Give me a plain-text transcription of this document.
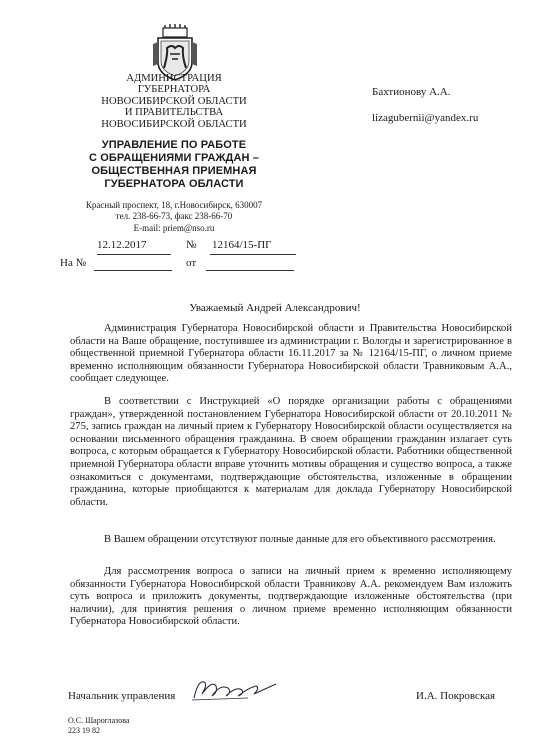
АДМИНИСТРАЦИЯ
ГУБЕРНАТОРА
НОВОСИБИРСКОЙ ОБЛАСТИ
И ПРАВИТЕЛЬСТВА
НОВОСИБИРСКОЙ ОБЛАСТИ
УПРАВЛЕНИЕ ПО РАБОТЕ
С ОБРАЩЕНИЯМИ ГРАЖДАН –
ОБЩЕСТВЕННАЯ ПРИЕМНАЯ
ГУБЕРНАТОРА ОБЛАСТИ
Красный проспект, 18, г.Новосибирск, 630007
тел. 238-66-73, факс 238-66-70
E-mail: priem@nso.ru
Бахтионову А.А.
lizagubernii@yandex.ru
12.12.2017	№ 12164/15-ПГ
На №	от
Уважаемый Андрей Александрович!
Администрация Губернатора Новосибирской области и Правительства Новосибирской области на Ваше обращение, поступившее из администрации г. Вологды и зарегистрированное в общественной приемной Губернатора области 16.11.2017 за № 12164/15-ПГ, о личном приеме временно исполняющим обязанности Губернатора Новосибирской области Травниковым А.А., сообщает следующее.
В соответствии с Инструкцией «О порядке организации работы с обращениями граждан», утвержденной постановлением Губернатора Новосибирской области от 20.10.2011 № 275, запись граждан на личный прием к Губернатору Новосибирской области осуществляется на основании письменного обращения гражданина. В своем обращении гражданин излагает суть вопроса, с которым обращается к Губернатору Новосибирской области. Работники общественной приемной Губернатора области вправе уточнить мотивы обращения и существо вопроса, а также ознакомиться с документами, подтверждающие обстоятельства, изложенные в обращении гражданина, которые приобщаются к материалам для доклада Губернатору Новосибирской области.
В Вашем обращении отсутствуют полные данные для его объективного рассмотрения.
Для рассмотрения вопроса о записи на личный прием к временно исполняющему обязанности Губернатора Новосибирской области Травникову А.А. рекомендуем Вам изложить суть вопроса и приложить документы, подтверждающие изложенные обстоятельства (при наличии), для принятия решения о личном приеме временно исполняющим обязанности Губернатора Новосибирской области.
Начальник управления	И.А. Покровская
О.С. Шароглазова
223 19 82
